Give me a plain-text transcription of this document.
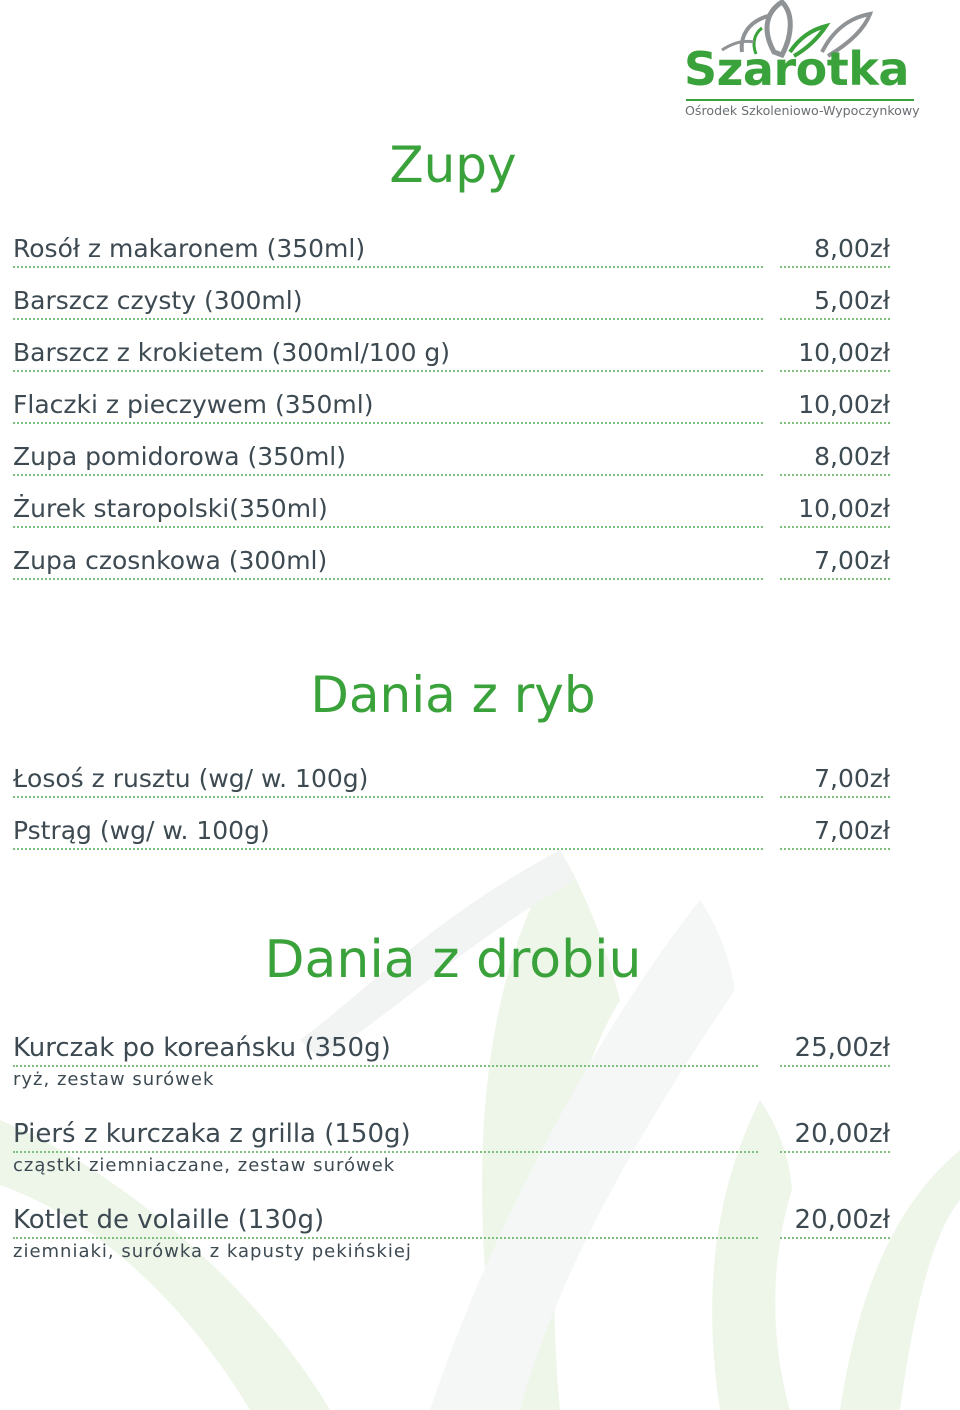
Szarotka
Ośrodek Szkoleniowo-Wypoczynkowy
Zupy
Rosół z makaronem (350ml)	8,00zł
Barszcz czysty (300ml)	5,00zł
Barszcz z krokietem (300ml/100 g)	10,00zł
Flaczki z pieczywem (350ml)	10,00zł
Zupa pomidorowa (350ml)	8,00zł
Żurek staropolski(350ml)	10,00zł
Zupa czosnkowa (300ml)	7,00zł
Dania z ryb
Łosoś z rusztu (wg/ w. 100g)	7,00zł
Pstrąg (wg/ w. 100g)	7,00zł
Dania z drobiu
Kurczak po koreańsku (350g)	25,00zł
ryż, zestaw surówek
Pierś z kurczaka z grilla (150g)	20,00zł
cząstki ziemniaczane, zestaw surówek
Kotlet de volaille (130g)	20,00zł
ziemniaki, surówka z kapusty pekińskiej
